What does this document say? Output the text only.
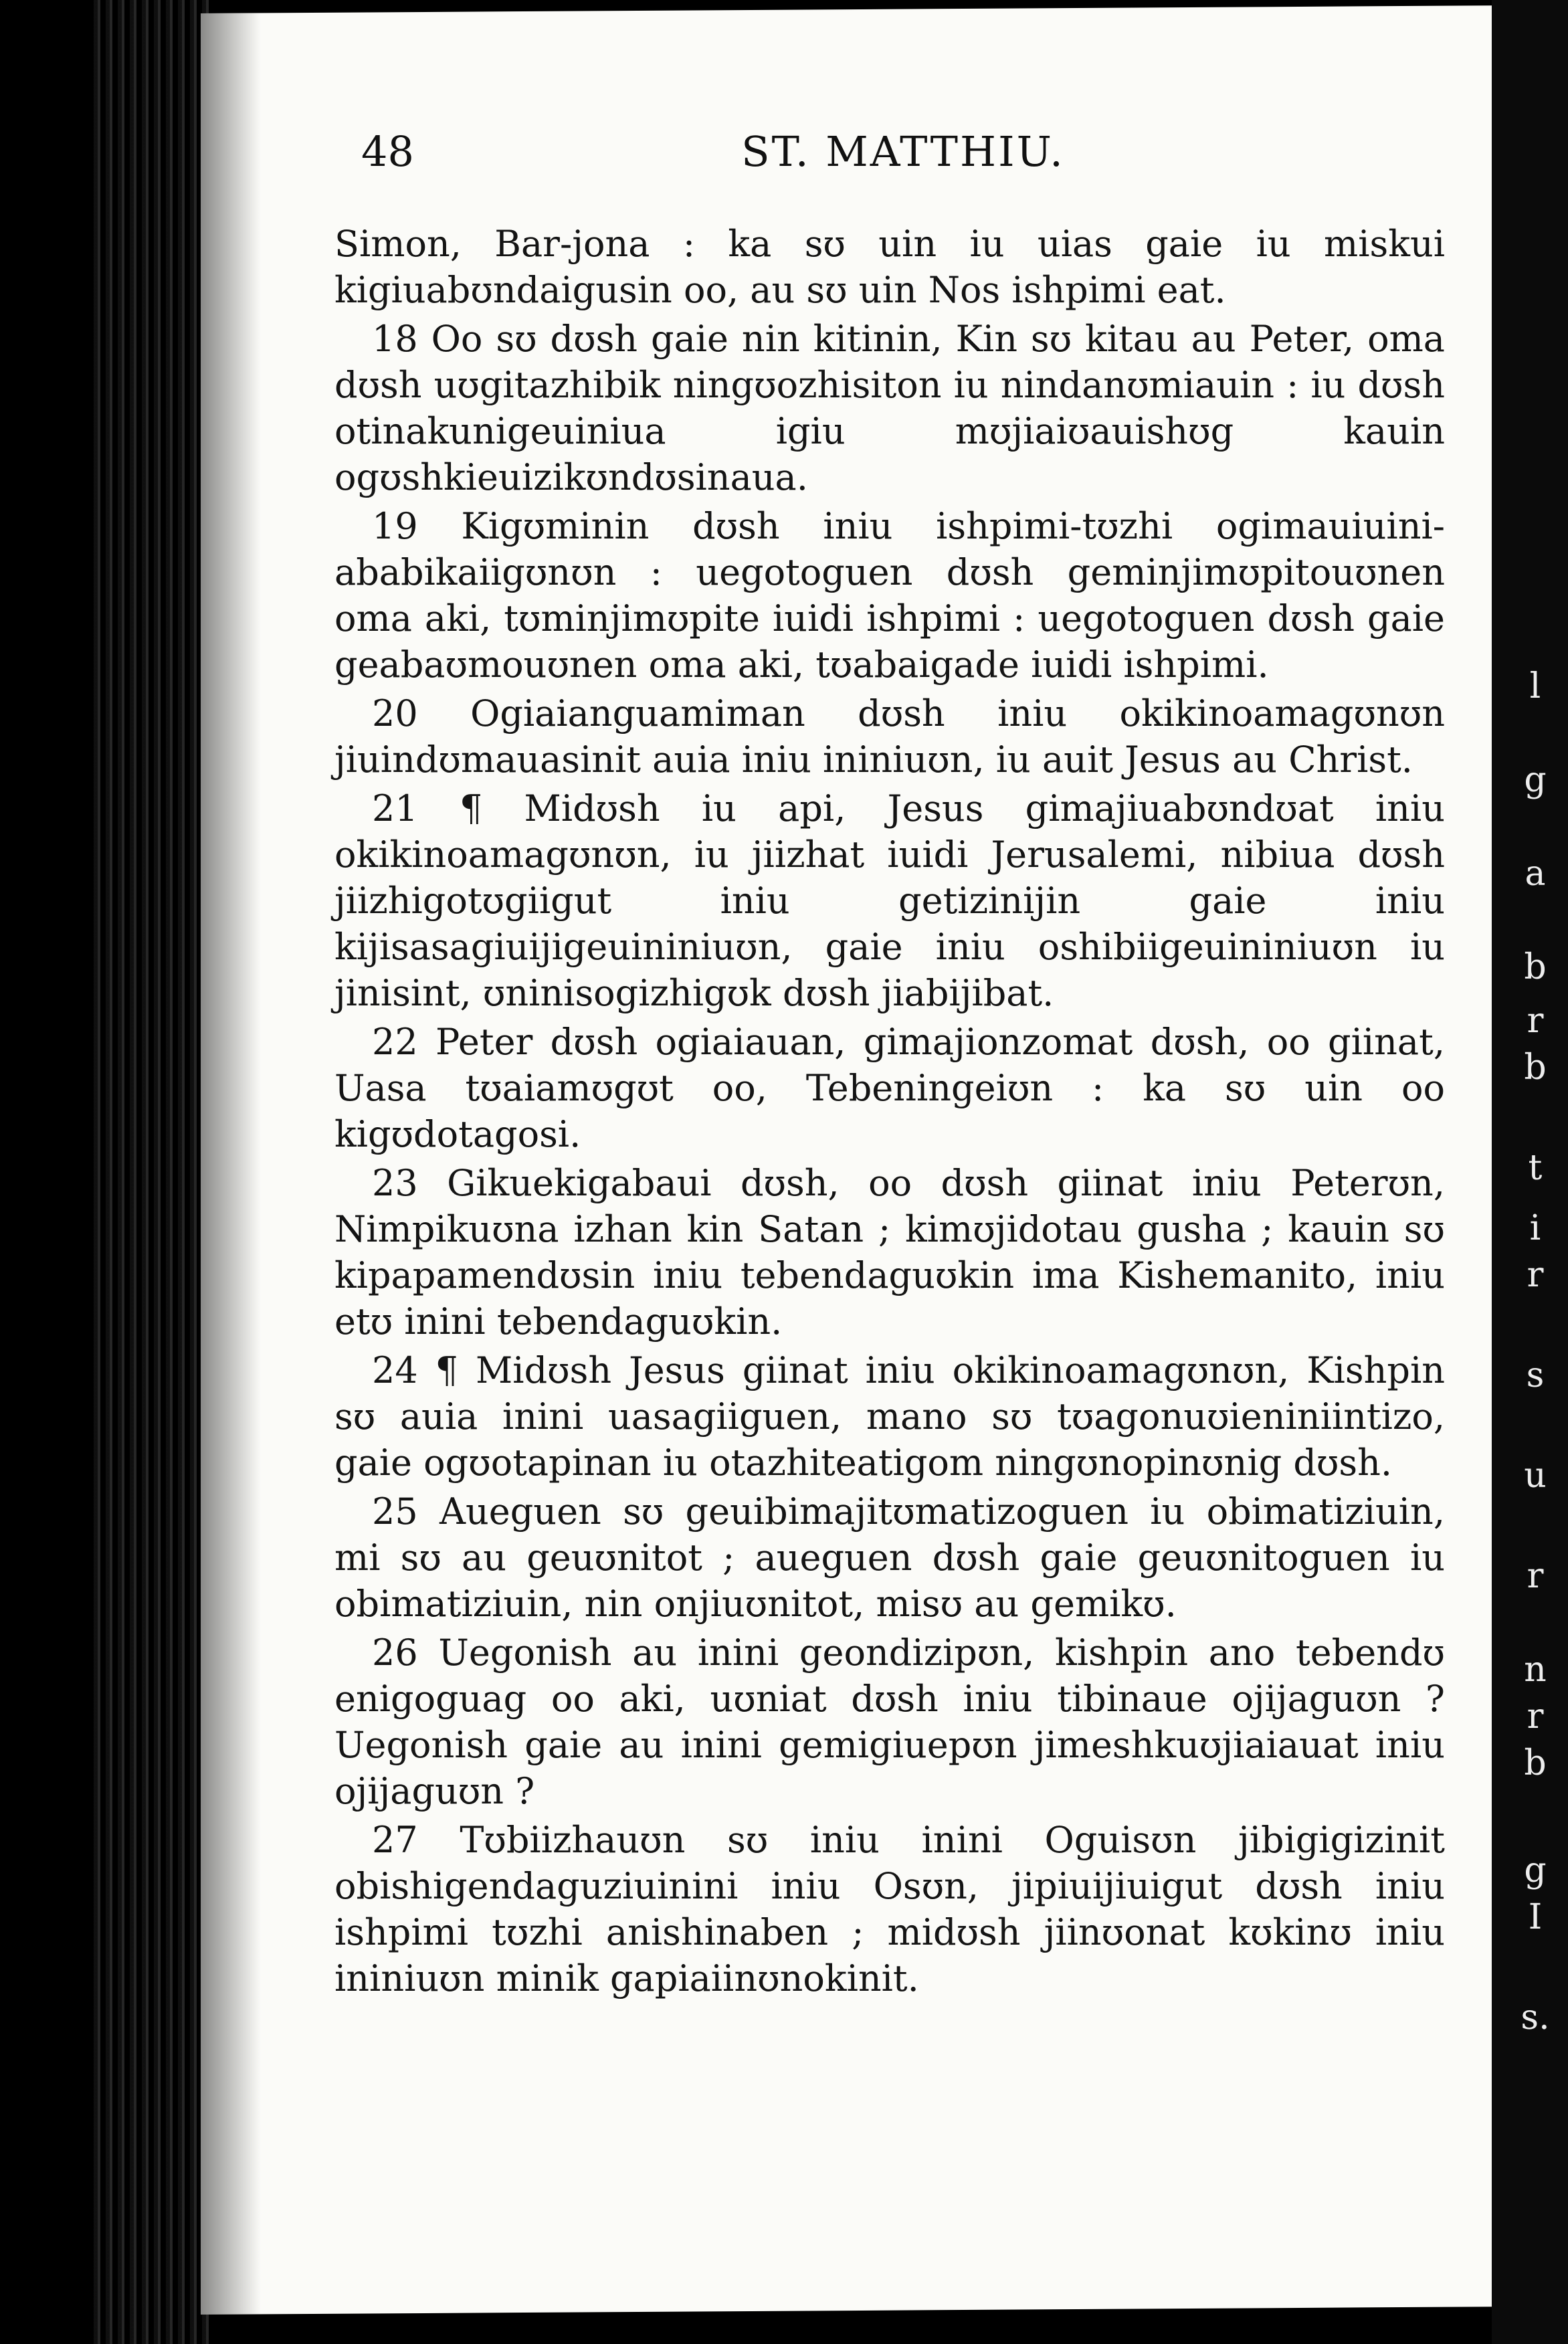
l
g
a
b
r
b
t
i
r
s
u
r
n
r
b
g
I
s.
48	ST. MATTHIU.

Simon, Bar-jona : ka sʊ uin iu uias gaie iu miskui kigiuabʊndaigusin oo, au sʊ uin Nos ishpimi eat.

18 Oo sʊ dʊsh gaie nin kitinin, Kin sʊ kitau au Peter, oma dʊsh uʊgitazhibik ningʊozhisiton iu nindanʊmiauin : iu dʊsh otinakunigeuiniua igiu mʊjiaiʊauishʊg kauin ogʊshkieuizikʊndʊsinaua.

19 Kigʊminin dʊsh iniu ishpimi-tʊzhi ogimauiuini-ababikaiigʊnʊn : uegotoguen dʊsh geminjimʊpitouʊnen oma aki, tʊminjimʊpite iuidi ishpimi : uegotoguen dʊsh gaie geabaʊmouʊnen oma aki, tʊabaigade iuidi ishpimi.

20 Ogiaianguamiman dʊsh iniu okikinoamagʊnʊn jiuindʊmauasinit auia iniu ininiuʊn, iu auit Jesus au Christ.

21 ¶ Midʊsh iu api, Jesus gimajiuabʊndʊat iniu okikinoamagʊnʊn, iu jiizhat iuidi Jerusalemi, nibiua dʊsh jiizhigotʊgiigut iniu getizinijin gaie iniu kijisasagiuijigeuininiuʊn, gaie iniu oshibiigeuininiuʊn iu jinisint, ʊninisogizhigʊk dʊsh jiabijibat.

22 Peter dʊsh ogiaiauan, gimajionzomat dʊsh, oo giinat, Uasa tʊaiamʊgʊt oo, Tebeningeiʊn : ka sʊ uin oo kigʊdotagosi.

23 Gikuekigabaui dʊsh, oo dʊsh giinat iniu Peterʊn, Nimpikuʊna izhan kin Satan ; kimʊjidotau gusha ; kauin sʊ kipapamendʊsin iniu tebendaguʊkin ima Kishemanito, iniu etʊ inini tebendaguʊkin.

24 ¶ Midʊsh Jesus giinat iniu okikinoamagʊnʊn, Kishpin sʊ auia inini uasagiiguen, mano sʊ tʊagonuʊieniniintizo, gaie ogʊotapinan iu otazhiteatigom ningʊnopinʊnig dʊsh.

25 Aueguen sʊ geuibimajitʊmatizoguen iu obimatiziuin, mi sʊ au geuʊnitot ; aueguen dʊsh gaie geuʊnitoguen iu obimatiziuin, nin onjiuʊnitot, misʊ au gemikʊ.

26 Uegonish au inini geondizipʊn, kishpin ano tebendʊ enigoguag oo aki, uʊniat dʊsh iniu tibinaue ojijaguʊn ? Uegonish gaie au inini gemigiuepʊn jimeshkuʊjiaiauat iniu ojijaguʊn ?

27 Tʊbiizhauʊn sʊ iniu inini Oguisʊn jibigigizinit obishigendaguziuinini iniu Osʊn, jipiuijiuigut dʊsh iniu ishpimi tʊzhi anishinaben ; midʊsh jiinʊonat kʊkinʊ iniu ininiuʊn minik gapiaiinʊnokinit.
